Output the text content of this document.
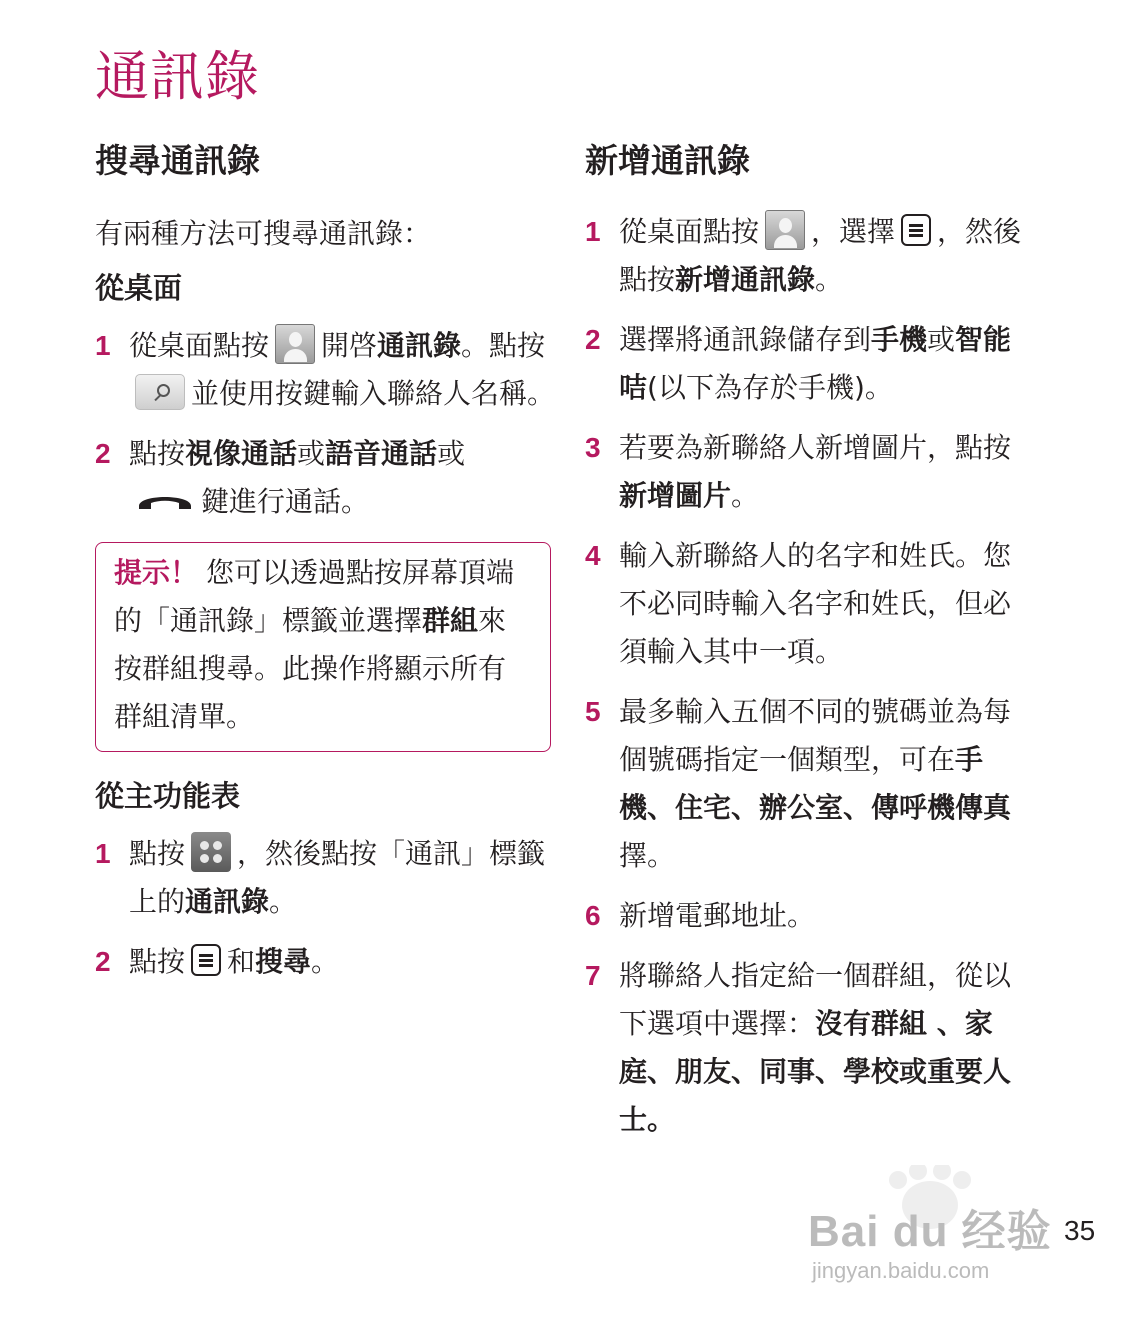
通訊錄
搜尋通訊錄
有兩種方法可搜尋通訊錄：
從桌面
1 從桌面點按 開啓通訊錄。點按並使用按鍵輸入聯絡人名稱。
2 點按視像通話或語音通話或
鍵進行通話。
提示！ 您可以透過點按屏幕頂端的「通訊錄」標籤並選擇群組來按群組搜尋。此操作將顯示所有群組清單。
從主功能表
1 點按 ，然後點按「通訊」標籤上的通訊錄。
2 點按 和搜尋。
新增通訊錄
1 從桌面點按 ，選擇 ，然後點按新增通訊錄。
2 選擇將通訊錄儲存到手機或智能咭(以下為存於手機)。
3 若要為新聯絡人新增圖片，點按新增圖片。
4 輸入新聯絡人的名字和姓氏。您不必同時輸入名字和姓氏，但必須輸入其中一項。
5 最多輸入五個不同的號碼並為每個號碼指定一個類型，可在手機、住宅、辦公室、傳呼機傳真擇。
6 新增電郵地址。
7 將聯絡人指定給一個群組，從以下選項中選擇：沒有群組 、家庭、朋友、同事、學校或重要人士。
Bai du 经验
jingyan.baidu.com
35
